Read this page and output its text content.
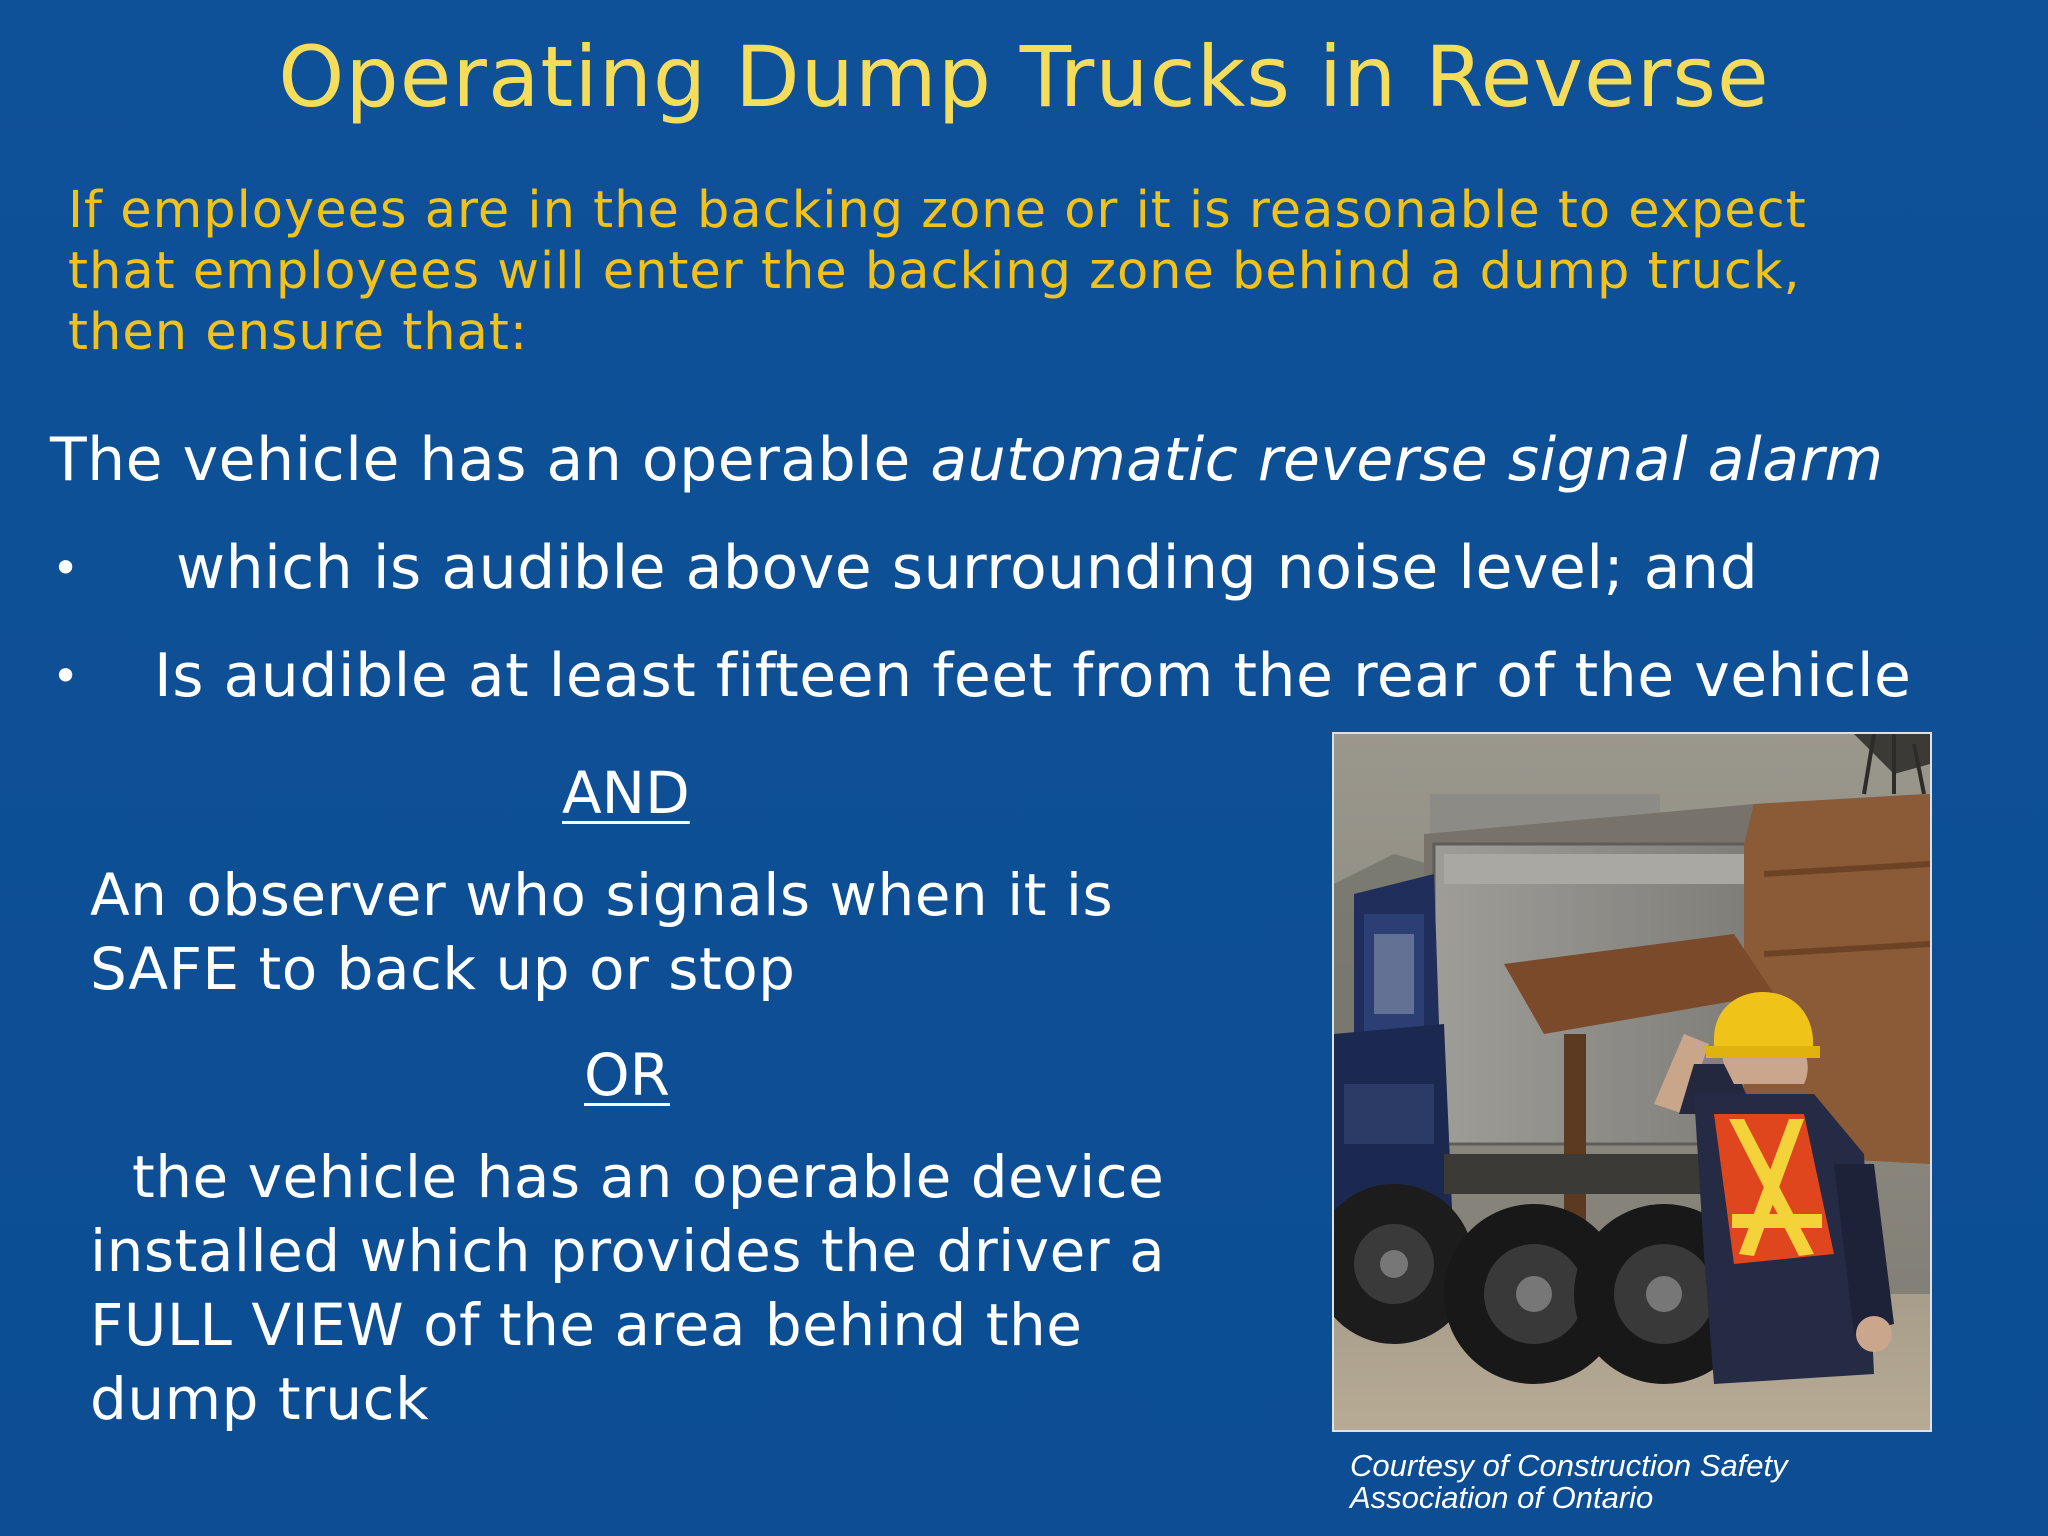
Operating Dump Trucks in Reverse
If employees are in the backing zone or it is reasonable to expect
that employees will enter the backing zone behind a dump truck,
then ensure that:
The vehicle has an operable automatic reverse signal alarm
• which is audible above surrounding noise level; and
• Is audible at least fifteen feet from the rear of the vehicle
AND
An observer who signals when it is
SAFE to back up or stop
OR
the vehicle has an operable device
installed which provides the driver a
FULL VIEW of the area behind the
dump truck
Courtesy of Construction Safety
Association of Ontario
